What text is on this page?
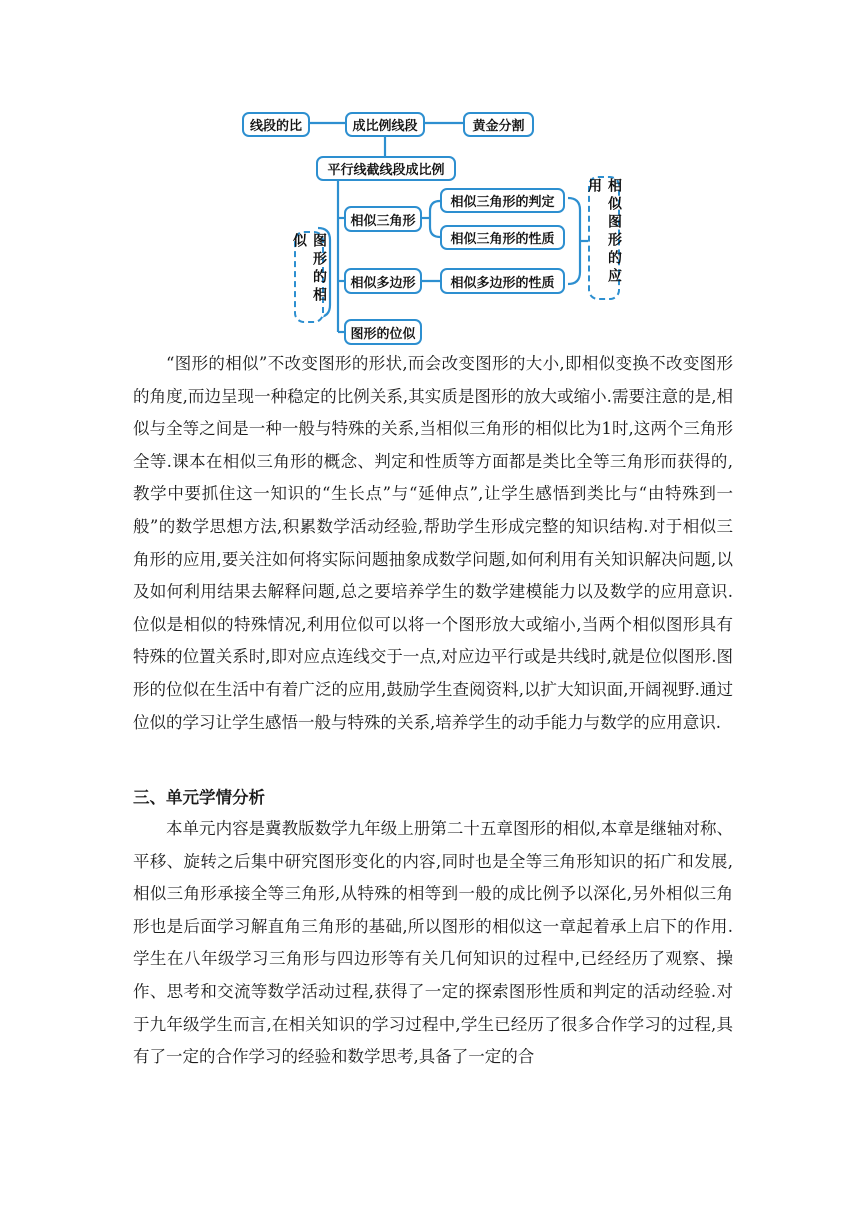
线段的比	成比例线段	黄金分割
平行线截线段成比例
相似三角形
相似三角形的判定
相似三角形的性质
相似多边形	相似多边形的性质
图形的位似
图形的相似	相似图形的应用

“图形的相似”不改变图形的形状,而会改变图形的大小,即相似变换不改变图形的角度,而边呈现一种稳定的比例关系,其实质是图形的放大或缩小.需要注意的是,相似与全等之间是一种一般与特殊的关系,当相似三角形的相似比为1时,这两个三角形全等.课本在相似三角形的概念、判定和性质等方面都是类比全等三角形而获得的,教学中要抓住这一知识的“生长点”与“延伸点”,让学生感悟到类比与“由特殊到一般”的数学思想方法,积累数学活动经验,帮助学生形成完整的知识结构.对于相似三角形的应用,要关注如何将实际问题抽象成数学问题,如何利用有关知识解决问题,以及如何利用结果去解释问题,总之要培养学生的数学建模能力以及数学的应用意识.位似是相似的特殊情况,利用位似可以将一个图形放大或缩小,当两个相似图形具有特殊的位置关系时,即对应点连线交于一点,对应边平行或是共线时,就是位似图形.图形的位似在生活中有着广泛的应用,鼓励学生查阅资料,以扩大知识面,开阔视野.通过位似的学习让学生感悟一般与特殊的关系,培养学生的动手能力与数学的应用意识.

三、单元学情分析

本单元内容是冀教版数学九年级上册第二十五章图形的相似,本章是继轴对称、平移、旋转之后集中研究图形变化的内容,同时也是全等三角形知识的拓广和发展,相似三角形承接全等三角形,从特殊的相等到一般的成比例予以深化,另外相似三角形也是后面学习解直角三角形的基础,所以图形的相似这一章起着承上启下的作用.学生在八年级学习三角形与四边形等有关几何知识的过程中,已经经历了观察、操作、思考和交流等数学活动过程,获得了一定的探索图形性质和判定的活动经验.对于九年级学生而言,在相关知识的学习过程中,学生已经历了很多合作学习的过程,具有了一定的合作学习的经验和数学思考,具备了一定的合
